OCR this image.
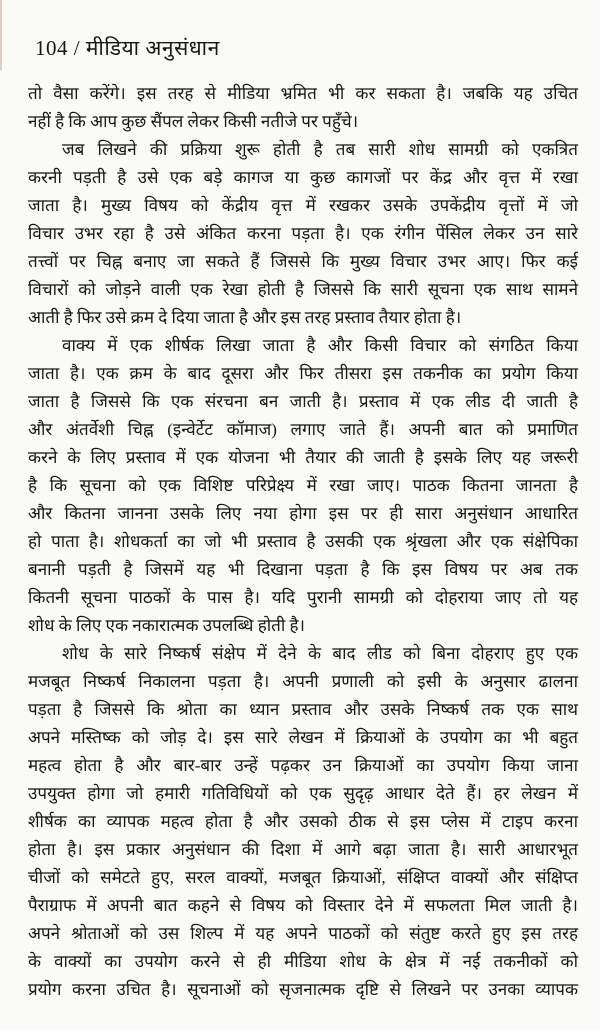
104 / मीडिया अनुसंधान
तो वैसा करेंगे। इस तरह से मीडिया भ्रमित भी कर सकता है। जबकि यह उचित
नहीं है कि आप कुछ सैंपल लेकर किसी नतीजे पर पहुँचे।
जब लिखने की प्रक्रिया शुरू होती है तब सारी शोध सामग्री को एकत्रित
करनी पड़ती है उसे एक बड़े कागज या कुछ कागजों पर केंद्र और वृत्त में रखा
जाता है। मुख्य विषय को केंद्रीय वृत्त में रखकर उसके उपकेंद्रीय वृत्तों में जो
विचार उभर रहा है उसे अंकित करना पड़ता है। एक रंगीन पेंसिल लेकर उन सारे
तत्त्वों पर चिह्न बनाए जा सकते हैं जिससे कि मुख्य विचार उभर आए। फिर कई
विचारों को जोड़ने वाली एक रेखा होती है जिससे कि सारी सूचना एक साथ सामने
आती है फिर उसे क्रम दे दिया जाता है और इस तरह प्रस्ताव तैयार होता है।
वाक्य में एक शीर्षक लिखा जाता है और किसी विचार को संगठित किया
जाता है। एक क्रम के बाद दूसरा और फिर तीसरा इस तकनीक का प्रयोग किया
जाता है जिससे कि एक संरचना बन जाती है। प्रस्ताव में एक लीड दी जाती है
और अंतर्वेशी चिह्न (इन्वेर्टेट कॉमाज) लगाए जाते हैं। अपनी बात को प्रमाणित
करने के लिए प्रस्ताव में एक योजना भी तैयार की जाती है इसके लिए यह जरूरी
है कि सूचना को एक विशिष्ट परिप्रेक्ष्य में रखा जाए। पाठक कितना जानता है
और कितना जानना उसके लिए नया होगा इस पर ही सारा अनुसंधान आधारित
हो पाता है। शोधकर्ता का जो भी प्रस्ताव है उसकी एक श्रृंखला और एक संक्षेपिका
बनानी पड़ती है जिसमें यह भी दिखाना पड़ता है कि इस विषय पर अब तक
कितनी सूचना पाठकों के पास है। यदि पुरानी सामग्री को दोहराया जाए तो यह
शोध के लिए एक नकारात्मक उपलब्धि होती है।
शोध के सारे निष्कर्ष संक्षेप में देने के बाद लीड को बिना दोहराए हुए एक
मजबूत निष्कर्ष निकालना पड़ता है। अपनी प्रणाली को इसी के अनुसार ढालना
पड़ता है जिससे कि श्रोता का ध्यान प्रस्ताव और उसके निष्कर्ष तक एक साथ
अपने मस्तिष्क को जोड़ दे। इस सारे लेखन में क्रियाओं के उपयोग का भी बहुत
महत्व होता है और बार-बार उन्हें पढ़कर उन क्रियाओं का उपयोग किया जाना
उपयुक्त होगा जो हमारी गतिविधियों को एक सुदृढ़ आधार देते हैं। हर लेखन में
शीर्षक का व्यापक महत्व होता है और उसको ठीक से इस प्लेस में टाइप करना
होता है। इस प्रकार अनुसंधान की दिशा में आगे बढ़ा जाता है। सारी आधारभूत
चीजों को समेटते हुए, सरल वाक्यों, मजबूत क्रियाओं, संक्षिप्त वाक्यों और संक्षिप्त
पैराग्राफ में अपनी बात कहने से विषय को विस्तार देने में सफलता मिल जाती है।
अपने श्रोताओं को उस शिल्प में यह अपने पाठकों को संतुष्ट करते हुए इस तरह
के वाक्यों का उपयोग करने से ही मीडिया शोध के क्षेत्र में नई तकनीकों को
प्रयोग करना उचित है। सूचनाओं को सृजनात्मक दृष्टि से लिखने पर उनका व्यापक
